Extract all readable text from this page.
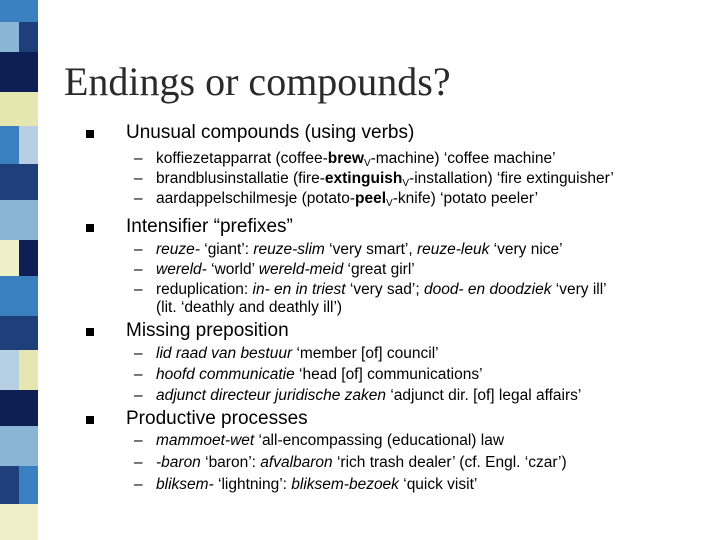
Endings or compounds?
Unusual compounds (using verbs)
– koffiezetapparrat (coffee-brew$_V$-machine) ‘coffee machine’
– brandblusinstallatie (fire-extinguish$_V$-installation) ‘fire extinguisher’
– aardappelschilmesje (potato-peel$_V$-knife) ‘potato peeler’
Intensifier “prefixes”
– reuze- ‘giant’: reuze-slim ‘very smart’, reuze-leuk ‘very nice’
– wereld- ‘world’ wereld-meid ‘great girl’
– reduplication: in- en in triest ‘very sad’; dood- en doodziek ‘very ill’
(lit. ‘deathly and deathly ill’)
Missing preposition
– lid raad van bestuur ‘member [of] council’
– hoofd communicatie ‘head [of] communications’
– adjunct directeur juridische zaken ‘adjunct dir. [of] legal affairs’
Productive processes
– mammoet-wet ‘all-encompassing (educational) law
– -baron ‘baron’: afvalbaron ‘rich trash dealer’ (cf. Engl. ‘czar’)
– bliksem- ‘lightning’: bliksem-bezoek ‘quick visit’
